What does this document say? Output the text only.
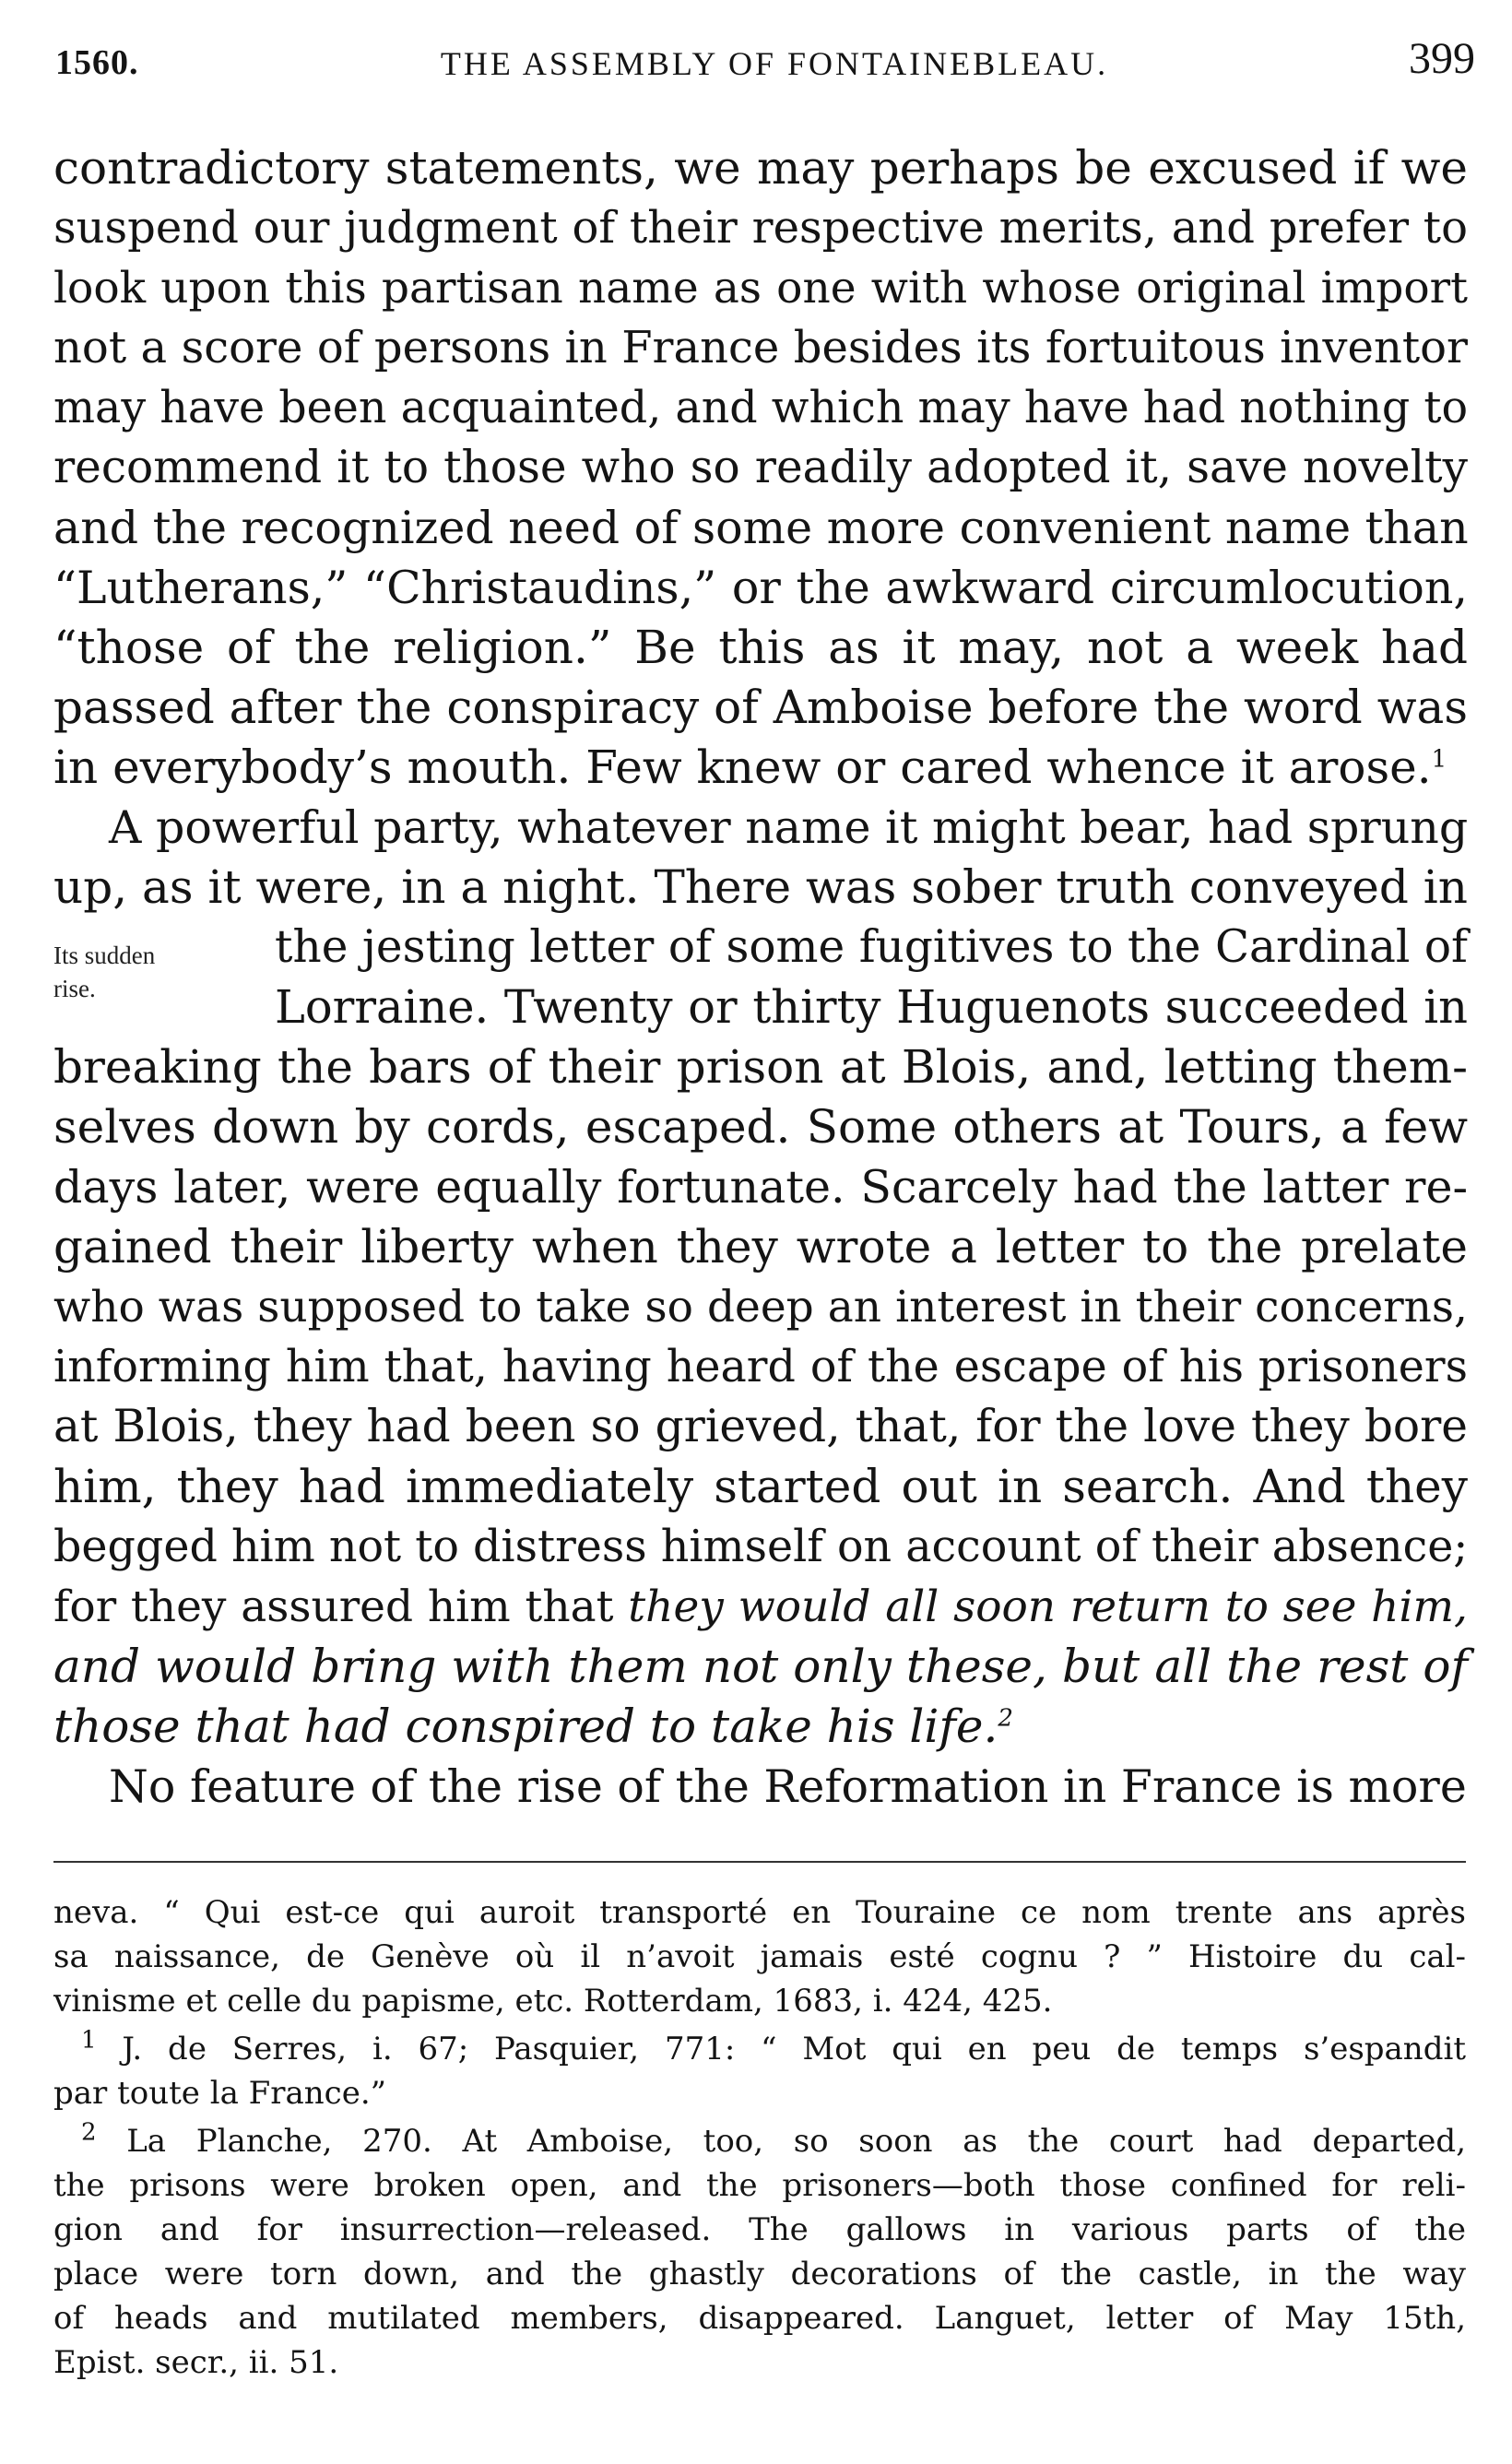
1560.	THE ASSEMBLY OF FONTAINEBLEAU.	399
Its sudden
rise.
contradictory statements, we may perhaps be excused if we
suspend our judgment of their respective merits, and prefer to
look upon this partisan name as one with whose original import
not a score of persons in France besides its fortuitous inventor
may have been acquainted, and which may have had nothing to
recommend it to those who so readily adopted it, save novelty
and the recognized need of some more convenient name than
“Lutherans,” “Christaudins,” or the awkward circumlocution,
“those of the religion.” Be this as it may, not a week had
passed after the conspiracy of Amboise before the word was
in everybody’s mouth. Few knew or cared whence it arose.$^1$
A powerful party, whatever name it might bear, had sprung
up, as it were, in a night. There was sober truth conveyed in
the jesting letter of some fugitives to the Cardinal of
Lorraine. Twenty or thirty Huguenots succeeded in
breaking the bars of their prison at Blois, and, letting them-
selves down by cords, escaped. Some others at Tours, a few
days later, were equally fortunate. Scarcely had the latter re-
gained their liberty when they wrote a letter to the prelate
who was supposed to take so deep an interest in their concerns,
informing him that, having heard of the escape of his prisoners
at Blois, they had been so grieved, that, for the love they bore
him, they had immediately started out in search. And they
begged him not to distress himself on account of their absence;
for they assured him that they would all soon return to see him,
and would bring with them not only these, but all the rest of
those that had conspired to take his life.$^2$
No feature of the rise of the Reformation in France is more
neva. “ Qui est-ce qui auroit transporté en Touraine ce nom trente ans après
sa naissance, de Genève où il n’avoit jamais esté cognu ? ” Histoire du cal-
vinisme et celle du papisme, etc. Rotterdam, 1683, i. 424, 425.
$^1$ J. de Serres, i. 67; Pasquier, 771: “ Mot qui en peu de temps s’espandit
par toute la France.”
$^2$ La Planche, 270. At Amboise, too, so soon as the court had departed,
the prisons were broken open, and the prisoners—both those confined for reli-
gion and for insurrection—released. The gallows in various parts of the
place were torn down, and the ghastly decorations of the castle, in the way
of heads and mutilated members, disappeared. Languet, letter of May 15th,
Epist. secr., ii. 51.
